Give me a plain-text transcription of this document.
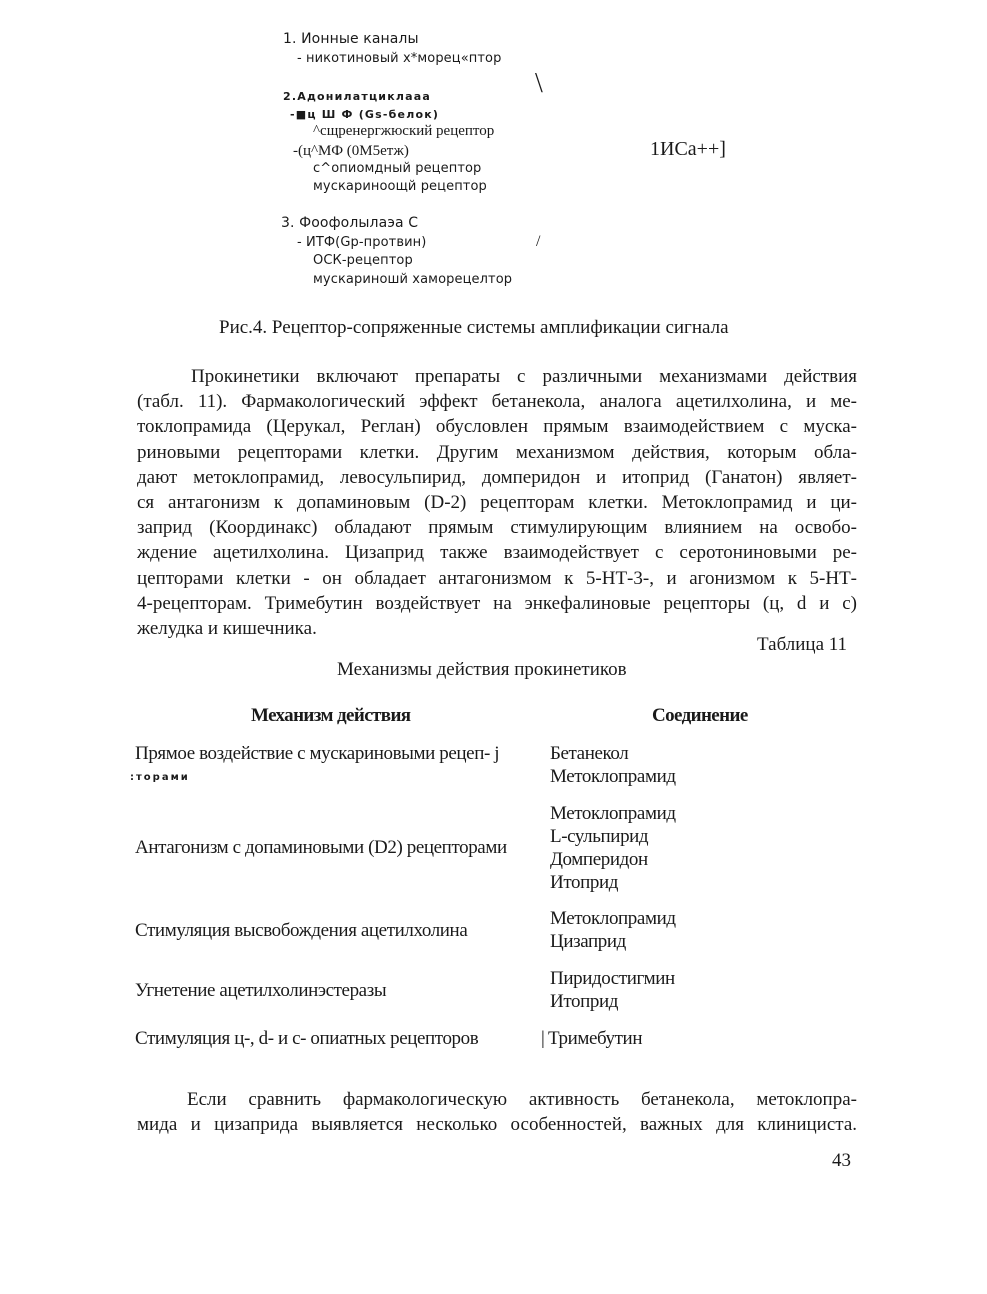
1. Ионные каналы
- никотиновый х*морец«птор
2.Адонилатциклааа
-■ц Ш Ф (Gs-белок)
^сщренергжюский рецептор
-(ц^МФ (0М5етж)
с^опиомдный рецептор
мускариноощй рецептор
3. Фоофолылаэа С
- ИТФ(Gp-протвин)
ОСК-рецептор
мускариношй хаморецелтор
\
/
1ИСа++]
Рис.4. Рецептор-сопряженные системы амплификации сигнала
Прокинетики включают препараты с различными механизмами действия
(табл. 11). Фармакологический эффект бетанекола, аналога ацетилхолина, и ме-
токлопрамида (Церукал, Реглан) обусловлен прямым взаимодействием с муска-
риновыми рецепторами клетки. Другим механизмом действия, которым обла-
дают метоклопрамид, левосульпирид, домперидон и итоприд (Ганатон) являет-
ся антагонизм к допаминовым (D-2) рецепторам клетки. Метоклопрамид и ци-
заприд (Координакс) обладают прямым стимулирующим влиянием на освобо-
ждение ацетилхолина. Цизаприд также взаимодействует с серотониновыми ре-
цепторами клетки - он обладает антагонизмом к 5-НТ-3-, и агонизмом к 5-НТ-
4-рецепторам. Тримебутин воздействует на энкефалиновые рецепторы (ц, d и с)
желудка и кишечника.
Таблица 11
Механизмы действия прокинетиков
Механизм действия	Соединение
Прямое воздействие с мускариновыми рецеп- j
:торами
Бетанекол
Метоклопрамид
Антагонизм с допаминовыми (D2) рецепторами
Метоклопрамид
L-сульпирид
Домперидон
Итоприд
Стимуляция высвобождения ацетилхолина
Метоклопрамид
Цизаприд
Угнетение ацетилхолинэстеразы
Пиридостигмин
Итоприд
Стимуляция ц-, d- и с- опиатных рецепторов	| Тримебутин
Если сравнить фармакологическую активность бетанекола, метоклопра-
мида и цизаприда выявляется несколько особенностей, важных для клинициста.
43
